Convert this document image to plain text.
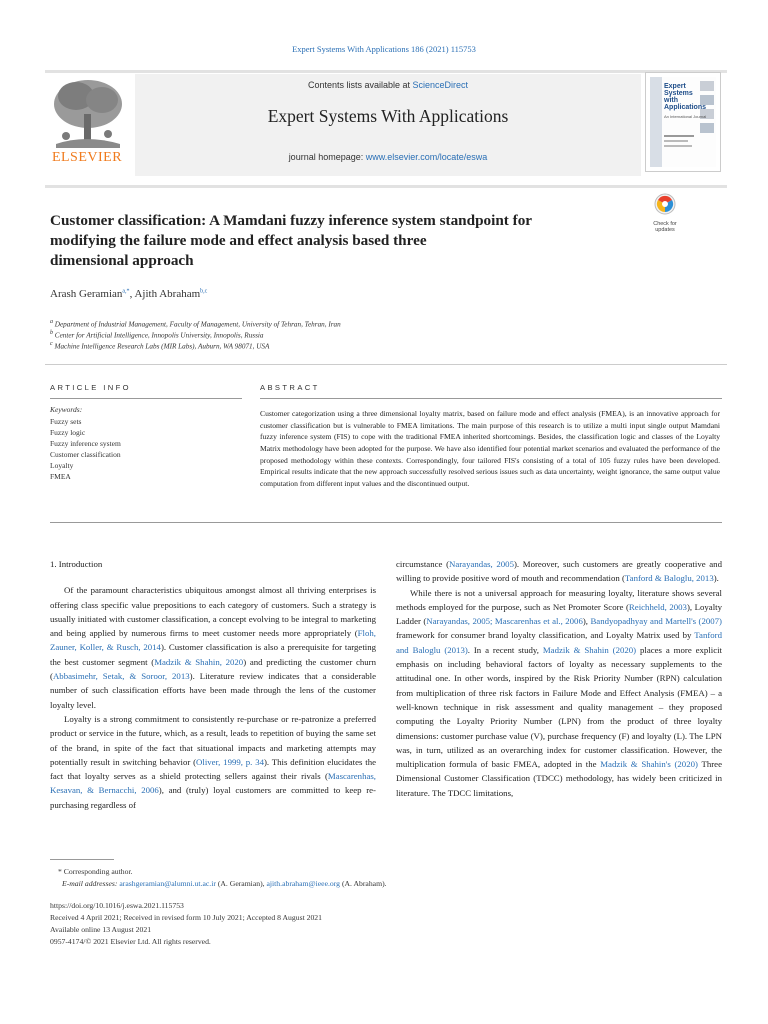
Expert Systems With Applications 186 (2021) 115753
ELSEVIER
Contents lists available at ScienceDirect
Expert Systems With Applications
journal homepage: www.elsevier.com/locate/eswa
Expert
Systems
with
Applications
An International Journal
Check for updates
Customer classification: A Mamdani fuzzy inference system standpoint for
modifying the failure mode and effect analysis based three
dimensional approach
Arash Geramian$^{a,*}$, Ajith Abraham$^{b,c}$
$^a$ Department of Industrial Management, Faculty of Management, University of Tehran, Tehran, Iran
$^b$ Center for Artificial Intelligence, Innopolis University, Innopolis, Russia
$^c$ Machine Intelligence Research Labs (MIR Labs), Auburn, WA 98071, USA
ARTICLE INFO
Keywords:
Fuzzy sets
Fuzzy logic
Fuzzy inference system
Customer classification
Loyalty
FMEA
ABSTRACT
Customer categorization using a three dimensional loyalty matrix, based on failure mode and effect analysis (FMEA), is an innovative approach for customer classification but is vulnerable to FMEA limitations. The main purpose of this research is to utilize a multi input single output Mamdani fuzzy inference system (FIS) to cope with the traditional FMEA inherited shortcomings. Besides, the classification logic and classes of the Loyalty Matrix methodology have been adopted for the purpose. We have also identified four potential market scenarios and evaluated the performance of the proposed methodology within these contexts. Correspondingly, four tailored FIS's consisting of a total of 105 fuzzy rules have been developed. Empirical results indicate that the new approach successfully resolved serious issues such as data uncertainty, weight ignorance, the same output value computation from different input values and the discontinued output.
1. Introduction

Of the paramount characteristics ubiquitous amongst almost all thriving enterprises is offering class specific value prepositions to each category of customers. Such a strategy is usually initiated with customer classification, a concept evolving to be integral to marketing and being applied by numerous firms to meet customer needs more appropriately (Floh, Zauner, Koller, & Rusch, 2014). Customer classification is also a prerequisite for targeting the best customer segment (Madzik & Shahin, 2020) and predicting the customer churn (Abbasimehr, Setak, & Soroor, 2013). Literature review indicates that a considerable number of such classification efforts have been made through the lens of the customer loyalty level.

Loyalty is a strong commitment to consistently re-purchase or re-patronize a preferred product or service in the future, which, as a result, leads to repetition of buying the same set of the brand, in spite of the fact that situational impacts and marketing attempts may potentially result in switching behavior (Oliver, 1999, p. 34). This definition elucidates the fact that loyalty serves as a shield protecting sellers against their rivals (Mascarenhas, Kesavan, & Bernacchi, 2006), and (truly) loyal customers are committed to keep re-purchasing regardless of

circumstance (Narayandas, 2005). Moreover, such customers are greatly cooperative and willing to provide positive word of mouth and recommendation (Tanford & Baloglu, 2013).

While there is not a universal approach for measuring loyalty, literature shows several methods employed for the purpose, such as Net Promoter Score (Reichheld, 2003), Loyalty Ladder (Narayandas, 2005; Mascarenhas et al., 2006), Bandyopadhyay and Martell's (2007) framework for consumer brand loyalty classification, and Loyalty Matrix used by Tanford and Baloglu (2013). In a recent study, Madzik & Shahin (2020) places a more explicit emphasis on including behavioral factors of loyalty as necessary supplements to the attitudinal one. In other words, inspired by the Risk Priority Number (RPN) calculation from multiplication of three risk factors in Failure Mode and Effect Analysis (FMEA) – a well-known technique in risk assessment and quality management – they proposed computing the Loyalty Priority Number (LPN) from the product of three loyalty dimensions: customer purchase value (V), purchase frequency (F) and loyalty (L). The LPN was, in turn, utilized as an overarching index for customer classification. However, the multiplication formula of basic FMEA, adopted in the Madzik & Shahin's (2020) Three Dimensional Customer Classification (TDCC) methodology, has widely been criticized in literature. The TDCC limitations,

* Corresponding author.
E-mail addresses: arashgeramian@alumni.ut.ac.ir (A. Geramian), ajith.abraham@ieee.org (A. Abraham).
https://doi.org/10.1016/j.eswa.2021.115753
Received 4 April 2021; Received in revised form 10 July 2021; Accepted 8 August 2021
Available online 13 August 2021
0957-4174/© 2021 Elsevier Ltd. All rights reserved.
